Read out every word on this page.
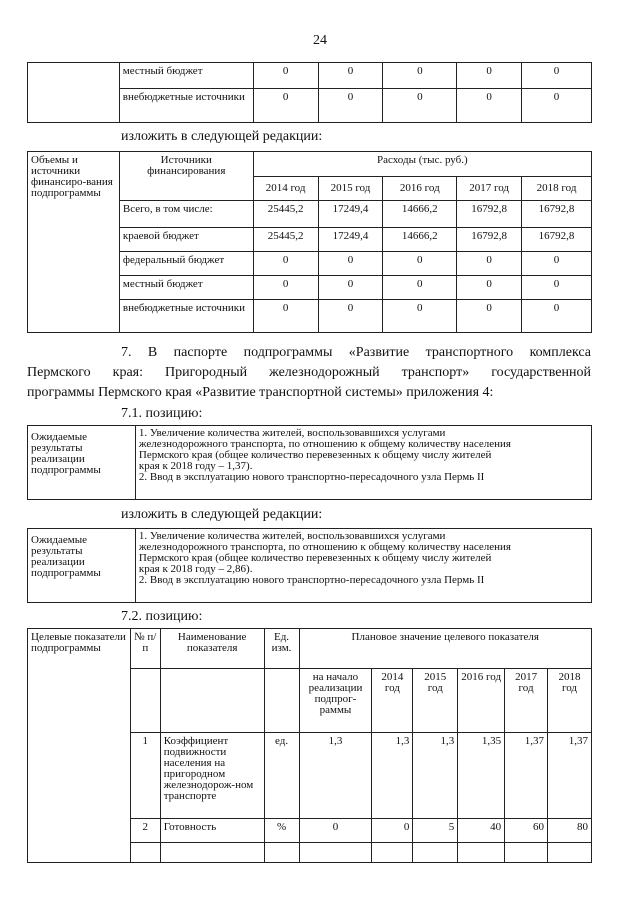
24
	местный бюджет	0	0	0	0	0
	внебюджетные источники	0	0	0	0	0
изложить в следующей редакции:
Объемы и источники финансиро-вания подпрограммы	Источники финансирования	Расходы (тыс. руб.)				
		2014 год	2015 год	2016 год	2017 год	2018 год
	Всего, в том числе:	25445,2	17249,4	14666,2	16792,8	16792,8
	краевой бюджет	25445,2	17249,4	14666,2	16792,8	16792,8
	федеральный бюджет	0	0	0	0	0
	местный бюджет	0	0	0	0	0
	внебюджетные источники	0	0	0	0	0
7. В паспорте подпрограммы «Развитие транспортного комплекса
Пермского края: Пригородный железнодорожный транспорт» государственной
программы Пермского края «Развитие транспортной системы» приложения 4:
7.1. позицию:
Ожидаемые результаты реализации подпрограммы	
1. Увеличение количества жителей, воспользовавшихся услугами
железнодорожного транспорта, по отношению к общему количеству населения
Пермского края (общее количество перевезенных к общему числу жителей
края к 2018 году – 1,37).
2. Ввод в эксплуатацию нового транспортно-пересадочного узла Пермь II
изложить в следующей редакции:
Ожидаемые результаты реализации подпрограммы	
1. Увеличение количества жителей, воспользовавшихся услугами
железнодорожного транспорта, по отношению к общему количеству населения
Пермского края (общее количество перевезенных к общему числу жителей
края к 2018 году – 2,86).
2. Ввод в эксплуатацию нового транспортно-пересадочного узла Пермь II
7.2. позицию:
Целевые показатели подпрограммы	№ п/п	Наименование показателя	Ед. изм.	Плановое значение целевого показателя					
				на начало реализации подпрог-раммы	2014 год	2015 год	2016 год	2017 год	2018 год
	1	Коэффициент подвижности населения на пригородном железнодорож-ном транспорте	ед.	1,3	1,3	1,3	1,35	1,37	1,37
	2	Готовность	%	0	0	5	40	60	80
